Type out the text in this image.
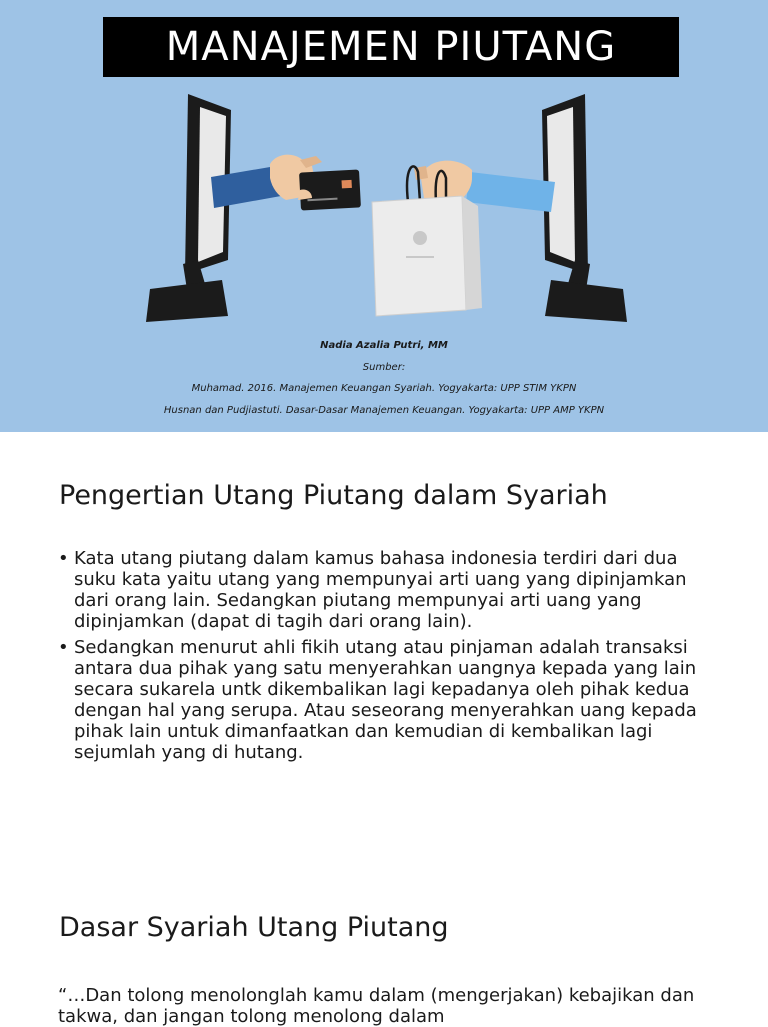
MANAJEMEN PIUTANG
Nadia Azalia Putri, MM
Sumber:
Muhamad. 2016. Manajemen Keuangan Syariah. Yogyakarta: UPP STIM YKPN
Husnan dan Pudjiastuti. Dasar-Dasar Manajemen Keuangan. Yogyakarta: UPP AMP YKPN
Pengertian Utang Piutang dalam Syariah
• Kata utang piutang dalam kamus bahasa indonesia terdiri dari dua suku kata yaitu utang yang mempunyai arti uang yang dipinjamkan dari orang lain. Sedangkan piutang mempunyai arti uang yang dipinjamkan (dapat di tagih dari orang lain).
• Sedangkan menurut ahli fikih utang atau pinjaman adalah transaksi antara dua pihak yang satu menyerahkan uangnya kepada yang lain secara sukarela untk dikembalikan lagi kepadanya oleh pihak kedua dengan hal yang serupa. Atau seseorang menyerahkan uang kepada pihak lain untuk dimanfaatkan dan kemudian di kembalikan lagi sejumlah yang di hutang.
Dasar Syariah Utang Piutang
“…Dan tolong menolonglah kamu dalam (mengerjakan) kebajikan dan takwa, dan jangan tolong menolong dalam
